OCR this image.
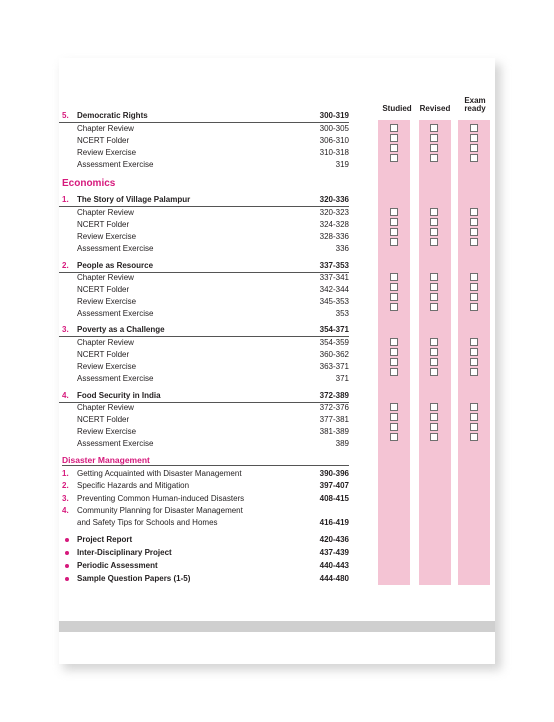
Studied Revised
Exam
ready
5.	Democratic Rights	300-319
Chapter Review	300-305
NCERT Folder	306-310
Review Exercise	310-318
Assessment Exercise	319
Economics
1.	The Story of Village Palampur	320-336
Chapter Review	320-323
NCERT Folder	324-328
Review Exercise	328-336
Assessment Exercise	336
2.	People as Resource	337-353
Chapter Review	337-341
NCERT Folder	342-344
Review Exercise	345-353
Assessment Exercise	353
3.	Poverty as a Challenge	354-371
Chapter Review	354-359
NCERT Folder	360-362
Review Exercise	363-371
Assessment Exercise	371
4.	Food Security in India	372-389
Chapter Review	372-376
NCERT Folder	377-381
Review Exercise	381-389
Assessment Exercise	389
Disaster Management
1.	Getting Acquainted with Disaster Management	390-396
2.	Specific Hazards and Mitigation	397-407
3.	Preventing Common Human-induced Disasters	408-415
4.	Community Planning for Disaster Management
and Safety Tips for Schools and Homes	416-419
Project Report	420-436
Inter-Disciplinary Project	437-439
Periodic Assessment	440-443
Sample Question Papers (1-5)	444-480
